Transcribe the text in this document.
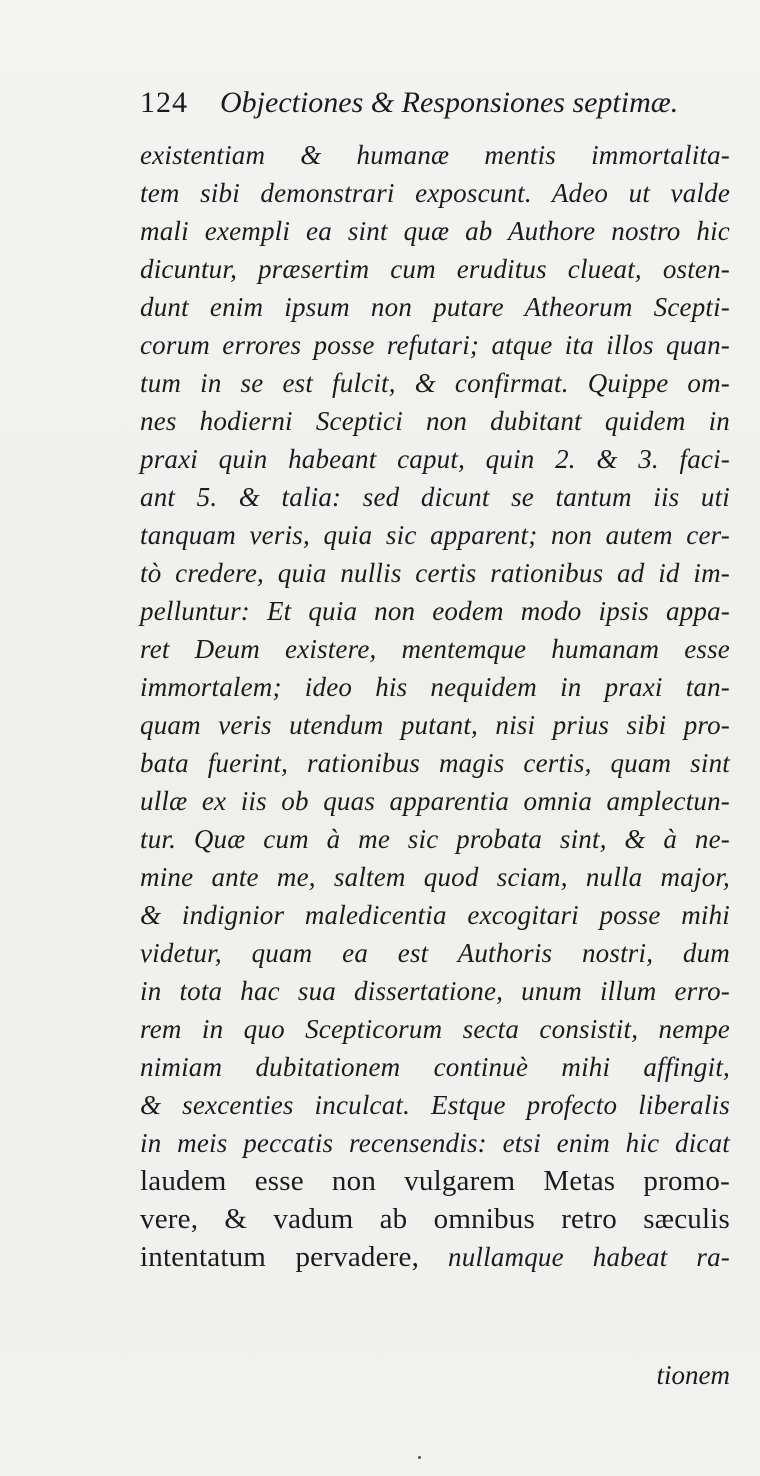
124 Objectiones & Responsiones septimæ.
existentiam & humanæ mentis immortalita-
tem sibi demonstrari exposcunt. Adeo ut valde
mali exempli ea sint quæ ab Authore nostro hic
dicuntur, præsertim cum eruditus clueat, osten-
dunt enim ipsum non putare Atheorum Scepti-
corum errores posse refutari; atque ita illos quan-
tum in se est fulcit, & confirmat. Quippe om-
nes hodierni Sceptici non dubitant quidem in
praxi quin habeant caput, quin 2. & 3. faci-
ant 5. & talia: sed dicunt se tantum iis uti
tanquam veris, quia sic apparent; non autem cer-
tò credere, quia nullis certis rationibus ad id im-
pelluntur: Et quia non eodem modo ipsis appa-
ret Deum existere, mentemque humanam esse
immortalem; ideo his nequidem in praxi tan-
quam veris utendum putant, nisi prius sibi pro-
bata fuerint, rationibus magis certis, quam sint
ullæ ex iis ob quas apparentia omnia amplectun-
tur. Quæ cum à me sic probata sint, & à ne-
mine ante me, saltem quod sciam, nulla major,
& indignior maledicentia excogitari posse mihi
videtur, quam ea est Authoris nostri, dum
in tota hac sua dissertatione, unum illum erro-
rem in quo Scepticorum secta consistit, nempe
nimiam dubitationem continuè mihi affingit,
& sexcenties inculcat. Estque profecto liberalis
in meis peccatis recensendis: etsi enim hic dicat
laudem esse non vulgarem Metas promo-
vere, & vadum ab omnibus retro sæculis
intentatum pervadere, nullamque habeat ra-
tionem
